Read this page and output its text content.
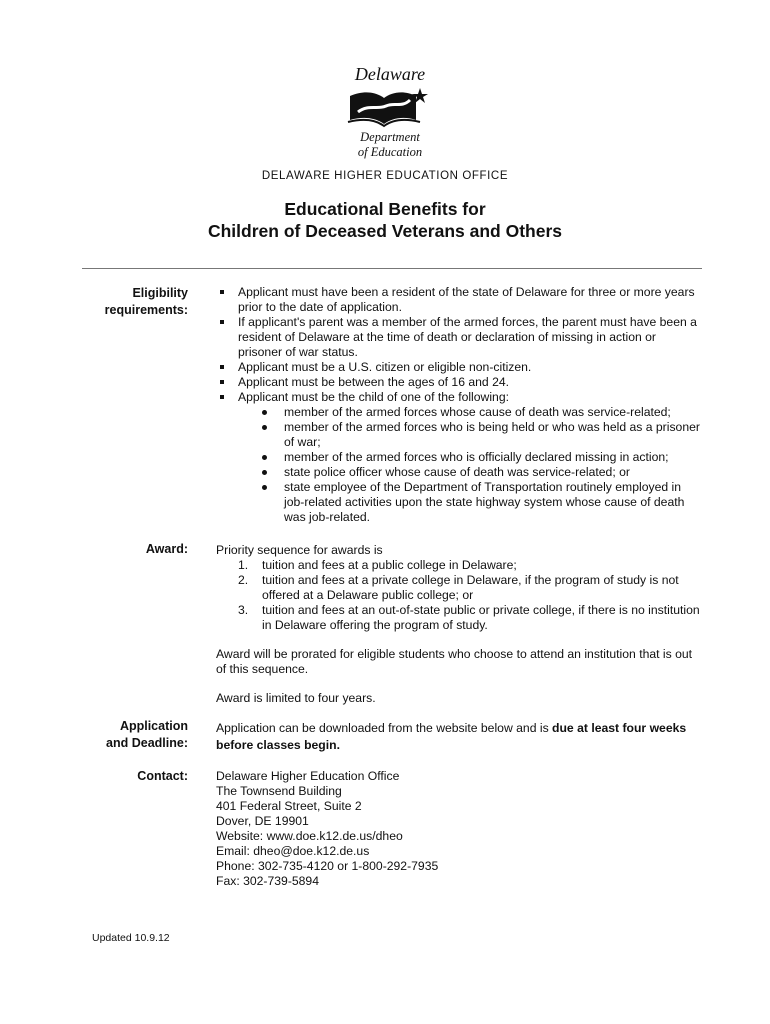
Delaware
Department
of Education
DELAWARE HIGHER EDUCATION OFFICE
Educational Benefits for
Children of Deceased Veterans and Others
Eligibility
requirements:
Applicant must have been a resident of the state of Delaware for three or more years prior to the date of application.
If applicant's parent was a member of the armed forces, the parent must have been a resident of Delaware at the time of death or declaration of missing in action or prisoner of war status.
Applicant must be a U.S. citizen or eligible non-citizen.
Applicant must be between the ages of 16 and 24.
Applicant must be the child of one of the following:
member of the armed forces whose cause of death was service-related;
member of the armed forces who is being held or who was held as a prisoner of war;
member of the armed forces who is officially declared missing in action;
state police officer whose cause of death was service-related; or
state employee of the Department of Transportation routinely employed in job-related activities upon the state highway system whose cause of death was job-related.
Award: Priority sequence for awards is

1. tuition and fees at a public college in Delaware;
2. tuition and fees at a private college in Delaware, if the program of study is not offered at a Delaware public college; or
3. tuition and fees at an out-of-state public or private college, if there is no institution in Delaware offering the program of study.

Award will be prorated for eligible students who choose to attend an institution that is out of this sequence.

Award is limited to four years.

Application
and Deadline:

Application can be downloaded from the website below and is due at least four weeks before classes begin.

Contact: Delaware Higher Education Office
The Townsend Building
401 Federal Street, Suite 2
Dover, DE 19901
Website: www.doe.k12.de.us/dheo
Email: dheo@doe.k12.de.us
Phone: 302-735-4120 or 1-800-292-7935
Fax: 302-739-5894
Updated 10.9.12
